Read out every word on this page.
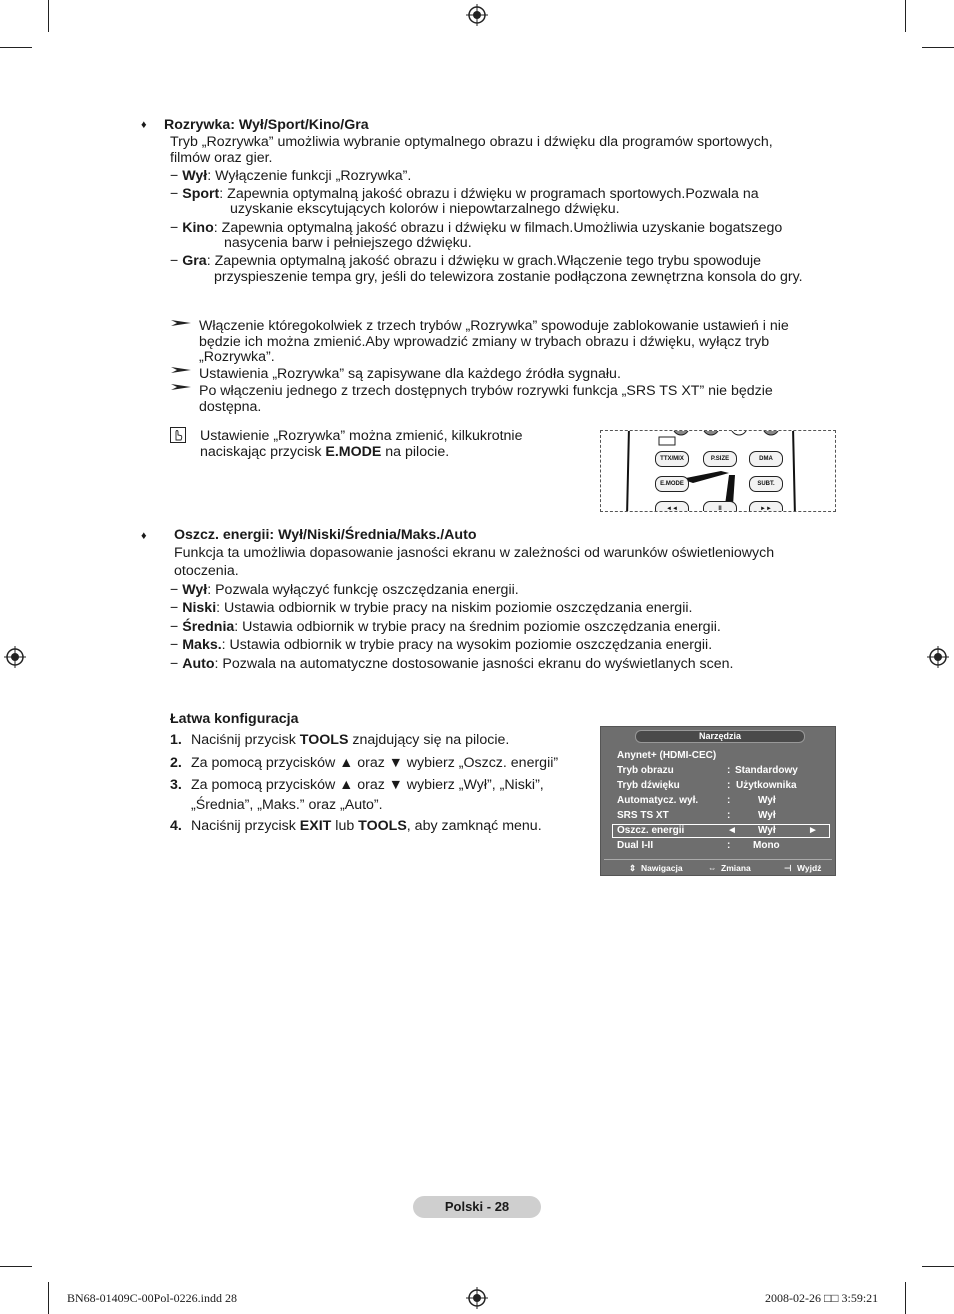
♦ Rozrywka: Wył/Sport/Kino/Gra
Tryb „Rozrywka” umożliwia wybranie optymalnego obrazu i dźwięku dla programów sportowych,
filmów oraz gier.
− Wył: Wyłączenie funkcji „Rozrywka”.
− Sport: Zapewnia optymalną jakość obrazu i dźwięku w programach sportowych.Pozwala na
uzyskanie ekscytujących kolorów i niepowtarzalnego dźwięku.
− Kino: Zapewnia optymalną jakość obrazu i dźwięku w filmach.Umożliwia uzyskanie bogatszego
nasycenia barw i pełniejszego dźwięku.
− Gra: Zapewnia optymalną jakość obrazu i dźwięku w grach.Włączenie tego trybu spowoduje
przyspieszenie tempa gry, jeśli do telewizora zostanie podłączona zewnętrzna konsola do gry.
Włączenie któregokolwiek z trzech trybów „Rozrywka” spowoduje zablokowanie ustawień i nie
będzie ich można zmienić.Aby wprowadzić zmiany w trybach obrazu i dźwięku, wyłącz tryb
„Rozrywka”.
Ustawienia „Rozrywka” są zapisywane dla każdego źródła sygnału.
Po włączeniu jednego z trzech dostępnych trybów rozrywki funkcja „SRS TS XT” nie będzie
dostępna.
Ustawienie „Rozrywka” można zmienić, kilkukrotnie
naciskając przycisk E.MODE na pilocie.	TTX/MIX	P.SIZE	DMA
E.MODE	SUBT.
◄◄	II	►►
♦ Oszcz. energii: Wył/Niski/Średnia/Maks./Auto
Funkcja ta umożliwia dopasowanie jasności ekranu w zależności od warunków oświetleniowych
otoczenia.
− Wył: Pozwala wyłączyć funkcję oszczędzania energii.
− Niski: Ustawia odbiornik w trybie pracy na niskim poziomie oszczędzania energii.
− Średnia: Ustawia odbiornik w trybie pracy na średnim poziomie oszczędzania energii.
− Maks.: Ustawia odbiornik w trybie pracy na wysokim poziomie oszczędzania energii.
− Auto: Pozwala na automatyczne dostosowanie jasności ekranu do wyświetlanych scen.
Łatwa konfiguracja
1. Naciśnij przycisk TOOLS znajdujący się na pilocie.
2. Za pomocą przycisków ▲ oraz ▼ wybierz „Oszcz. energii”
3. Za pomocą przycisków ▲ oraz ▼ wybierz „Wył”, „Niski”,
„Średnia”, „Maks.” oraz „Auto”.
4. Naciśnij przycisk EXIT lub TOOLS, aby zamknąć menu.
Narzędzia
Anynet+ (HDMI-CEC)
Tryb obrazu	: Standardowy
Tryb dźwięku	: Użytkownika
Automatycz. wył.	:	Wył
SRS TS XT	:	Wył
Oszcz. energii	◄ Wył	►
Dual I-II	: Mono
⇕ Nawigacja	⇔ Zmiana	⊣ Wyjdź
Polski - 28
BN68-01409C-00Pol-0226.indd 28	2008-02-26 □□ 3:59:21
